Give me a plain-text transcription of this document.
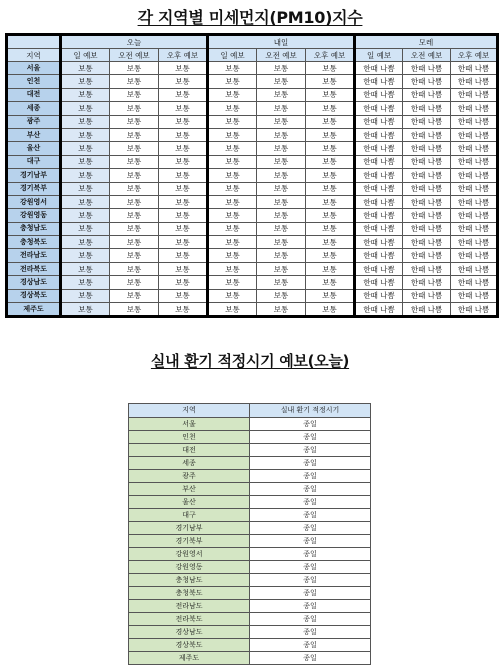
각 지역별 미세먼지(PM10)지수
	오늘			내일			모레		
지역	일 예보	오전 예보	오후 예보	일 예보	오전 예보	오후 예보	일 예보	오전 예보	오후 예보
서울	보통	보통	보통	보통	보통	보통	한때 나쁨	한때 나쁨	한때 나쁨
인천	보통	보통	보통	보통	보통	보통	한때 나쁨	한때 나쁨	한때 나쁨
대전	보통	보통	보통	보통	보통	보통	한때 나쁨	한때 나쁨	한때 나쁨
세종	보통	보통	보통	보통	보통	보통	한때 나쁨	한때 나쁨	한때 나쁨
광주	보통	보통	보통	보통	보통	보통	한때 나쁨	한때 나쁨	한때 나쁨
부산	보통	보통	보통	보통	보통	보통	한때 나쁨	한때 나쁨	한때 나쁨
울산	보통	보통	보통	보통	보통	보통	한때 나쁨	한때 나쁨	한때 나쁨
대구	보통	보통	보통	보통	보통	보통	한때 나쁨	한때 나쁨	한때 나쁨
경기남부	보통	보통	보통	보통	보통	보통	한때 나쁨	한때 나쁨	한때 나쁨
경기북부	보통	보통	보통	보통	보통	보통	한때 나쁨	한때 나쁨	한때 나쁨
강원영서	보통	보통	보통	보통	보통	보통	한때 나쁨	한때 나쁨	한때 나쁨
강원영동	보통	보통	보통	보통	보통	보통	한때 나쁨	한때 나쁨	한때 나쁨
충청남도	보통	보통	보통	보통	보통	보통	한때 나쁨	한때 나쁨	한때 나쁨
충청북도	보통	보통	보통	보통	보통	보통	한때 나쁨	한때 나쁨	한때 나쁨
전라남도	보통	보통	보통	보통	보통	보통	한때 나쁨	한때 나쁨	한때 나쁨
전라북도	보통	보통	보통	보통	보통	보통	한때 나쁨	한때 나쁨	한때 나쁨
경상남도	보통	보통	보통	보통	보통	보통	한때 나쁨	한때 나쁨	한때 나쁨
경상북도	보통	보통	보통	보통	보통	보통	한때 나쁨	한때 나쁨	한때 나쁨
제주도	보통	보통	보통	보통	보통	보통	한때 나쁨	한때 나쁨	한때 나쁨
실내 환기 적정시기 예보(오늘)
지역	실내 환기 적정시기
서울	종일
인천	종일
대전	종일
세종	종일
광주	종일
부산	종일
울산	종일
대구	종일
경기남부	종일
경기북부	종일
강원영서	종일
강원영동	종일
충청남도	종일
충청북도	종일
전라남도	종일
전라북도	종일
경상남도	종일
경상북도	종일
제주도	종일
